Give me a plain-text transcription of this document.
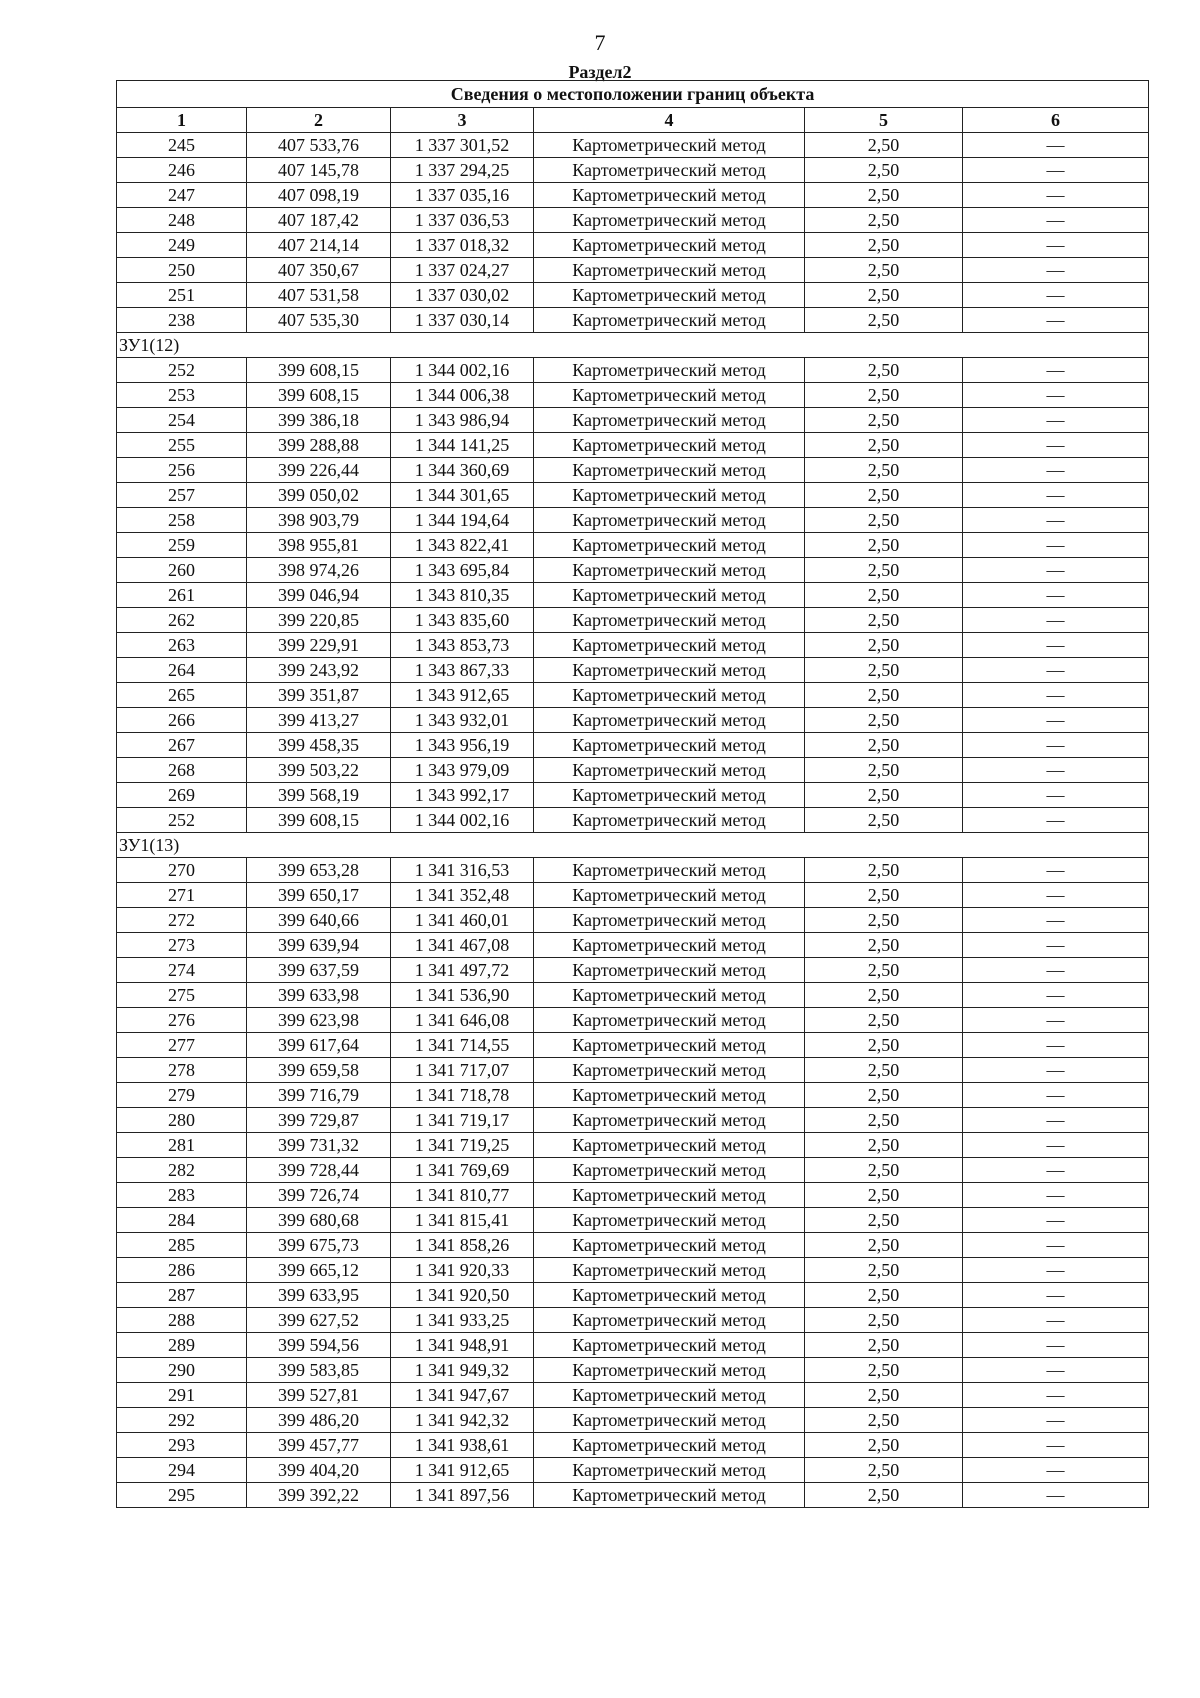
7
Раздел2
Сведения о местоположении границ объекта					
1	2	3	4	5	6
245	407 533,76	1 337 301,52	Картометрический метод	2,50	—
246	407 145,78	1 337 294,25	Картометрический метод	2,50	—
247	407 098,19	1 337 035,16	Картометрический метод	2,50	—
248	407 187,42	1 337 036,53	Картометрический метод	2,50	—
249	407 214,14	1 337 018,32	Картометрический метод	2,50	—
250	407 350,67	1 337 024,27	Картометрический метод	2,50	—
251	407 531,58	1 337 030,02	Картометрический метод	2,50	—
238	407 535,30	1 337 030,14	Картометрический метод	2,50	—
ЗУ1(12)					
252	399 608,15	1 344 002,16	Картометрический метод	2,50	—
253	399 608,15	1 344 006,38	Картометрический метод	2,50	—
254	399 386,18	1 343 986,94	Картометрический метод	2,50	—
255	399 288,88	1 344 141,25	Картометрический метод	2,50	—
256	399 226,44	1 344 360,69	Картометрический метод	2,50	—
257	399 050,02	1 344 301,65	Картометрический метод	2,50	—
258	398 903,79	1 344 194,64	Картометрический метод	2,50	—
259	398 955,81	1 343 822,41	Картометрический метод	2,50	—
260	398 974,26	1 343 695,84	Картометрический метод	2,50	—
261	399 046,94	1 343 810,35	Картометрический метод	2,50	—
262	399 220,85	1 343 835,60	Картометрический метод	2,50	—
263	399 229,91	1 343 853,73	Картометрический метод	2,50	—
264	399 243,92	1 343 867,33	Картометрический метод	2,50	—
265	399 351,87	1 343 912,65	Картометрический метод	2,50	—
266	399 413,27	1 343 932,01	Картометрический метод	2,50	—
267	399 458,35	1 343 956,19	Картометрический метод	2,50	—
268	399 503,22	1 343 979,09	Картометрический метод	2,50	—
269	399 568,19	1 343 992,17	Картометрический метод	2,50	—
252	399 608,15	1 344 002,16	Картометрический метод	2,50	—
ЗУ1(13)					
270	399 653,28	1 341 316,53	Картометрический метод	2,50	—
271	399 650,17	1 341 352,48	Картометрический метод	2,50	—
272	399 640,66	1 341 460,01	Картометрический метод	2,50	—
273	399 639,94	1 341 467,08	Картометрический метод	2,50	—
274	399 637,59	1 341 497,72	Картометрический метод	2,50	—
275	399 633,98	1 341 536,90	Картометрический метод	2,50	—
276	399 623,98	1 341 646,08	Картометрический метод	2,50	—
277	399 617,64	1 341 714,55	Картометрический метод	2,50	—
278	399 659,58	1 341 717,07	Картометрический метод	2,50	—
279	399 716,79	1 341 718,78	Картометрический метод	2,50	—
280	399 729,87	1 341 719,17	Картометрический метод	2,50	—
281	399 731,32	1 341 719,25	Картометрический метод	2,50	—
282	399 728,44	1 341 769,69	Картометрический метод	2,50	—
283	399 726,74	1 341 810,77	Картометрический метод	2,50	—
284	399 680,68	1 341 815,41	Картометрический метод	2,50	—
285	399 675,73	1 341 858,26	Картометрический метод	2,50	—
286	399 665,12	1 341 920,33	Картометрический метод	2,50	—
287	399 633,95	1 341 920,50	Картометрический метод	2,50	—
288	399 627,52	1 341 933,25	Картометрический метод	2,50	—
289	399 594,56	1 341 948,91	Картометрический метод	2,50	—
290	399 583,85	1 341 949,32	Картометрический метод	2,50	—
291	399 527,81	1 341 947,67	Картометрический метод	2,50	—
292	399 486,20	1 341 942,32	Картометрический метод	2,50	—
293	399 457,77	1 341 938,61	Картометрический метод	2,50	—
294	399 404,20	1 341 912,65	Картометрический метод	2,50	—
295	399 392,22	1 341 897,56	Картометрический метод	2,50	—
